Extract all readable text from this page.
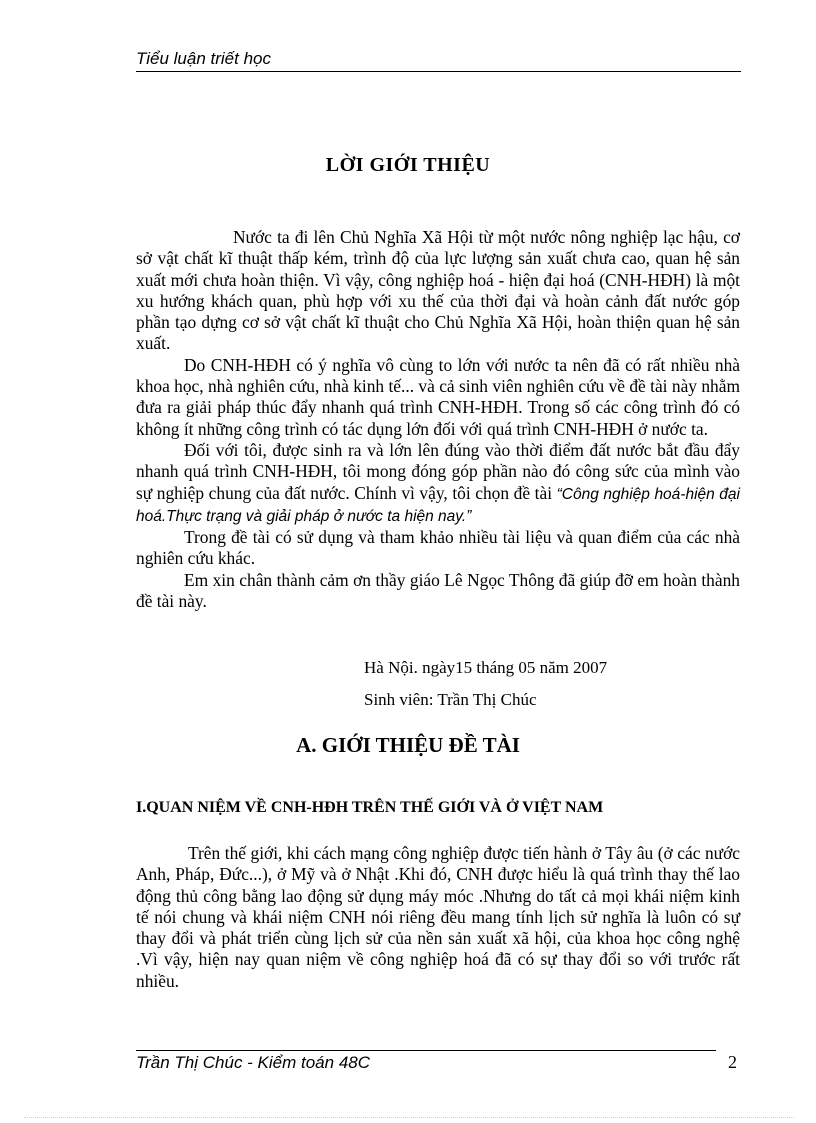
Tiểu luận triết học
LỜI GIỚI THIỆU

Nước ta đi lên Chủ Nghĩa Xã Hội từ một nước nông nghiệp lạc hậu, cơ sở vật chất kĩ thuật thấp kém, trình độ của lực lượng sản xuất chưa cao, quan hệ sản xuất mới chưa hoàn thiện. Vì vậy, công nghiệp hoá - hiện đại hoá (CNH-HĐH) là một xu hướng khách quan, phù hợp với xu thế của thời đại và hoàn cảnh đất nước góp phần tạo dựng cơ sở vật chất kĩ thuật cho Chủ Nghĩa Xã Hội, hoàn thiện quan hệ sản xuất.

Do CNH-HĐH có ý nghĩa vô cùng to lớn với nước ta nên đã có rất nhiều nhà khoa học, nhà nghiên cứu, nhà kinh tế... và cả sinh viên nghiên cứu về đề tài này nhằm đưa ra giải pháp thúc đẩy nhanh quá trình CNH-HĐH. Trong số các công trình đó có không ít những công trình có tác dụng lớn đối với quá trình CNH-HĐH ở nước ta.

Đối với tôi, được sinh ra và lớn lên đúng vào thời điểm đất nước bắt đầu đẩy nhanh quá trình CNH-HĐH, tôi mong đóng góp phần nào đó công sức của mình vào sự nghiệp chung của đất nước. Chính vì vậy, tôi chọn đề tài “Công nghiệp hoá-hiện đại hoá.Thực trạng và giải pháp ở nước ta hiện nay.”

Trong đề tài có sử dụng và tham khảo nhiều tài liệu và quan điểm của các nhà nghiên cứu khác.

Em xin chân thành cảm ơn thầy giáo Lê Ngọc Thông đã giúp đỡ em hoàn thành đề tài này.

Hà Nội. ngày15 tháng 05 năm 2007
Sinh viên: Trần Thị Chúc
A. GIỚI THIỆU ĐỀ TÀI
I.QUAN NIỆM VỀ CNH-HĐH TRÊN THẾ GIỚI VÀ Ở VIỆT NAM

Trên thế giới, khi cách mạng công nghiệp được tiến hành ở Tây âu (ở các nước Anh, Pháp, Đức...), ở Mỹ và ở Nhật .Khi đó, CNH được hiểu là quá trình thay thế lao động thủ công bằng lao động sử dụng máy móc .Nhưng do tất cả mọi khái niệm kinh tế nói chung và khái niệm CNH nói riêng đều mang tính lịch sử nghĩa là luôn có sự thay đổi và phát triển cùng lịch sử của nền sản xuất xã hội, của khoa học công nghệ .Vì vậy, hiện nay quan niệm về công nghiệp hoá đã có sự thay đổi so với trước rất nhiều.

Trần Thị Chúc - Kiểm toán 48C	2
